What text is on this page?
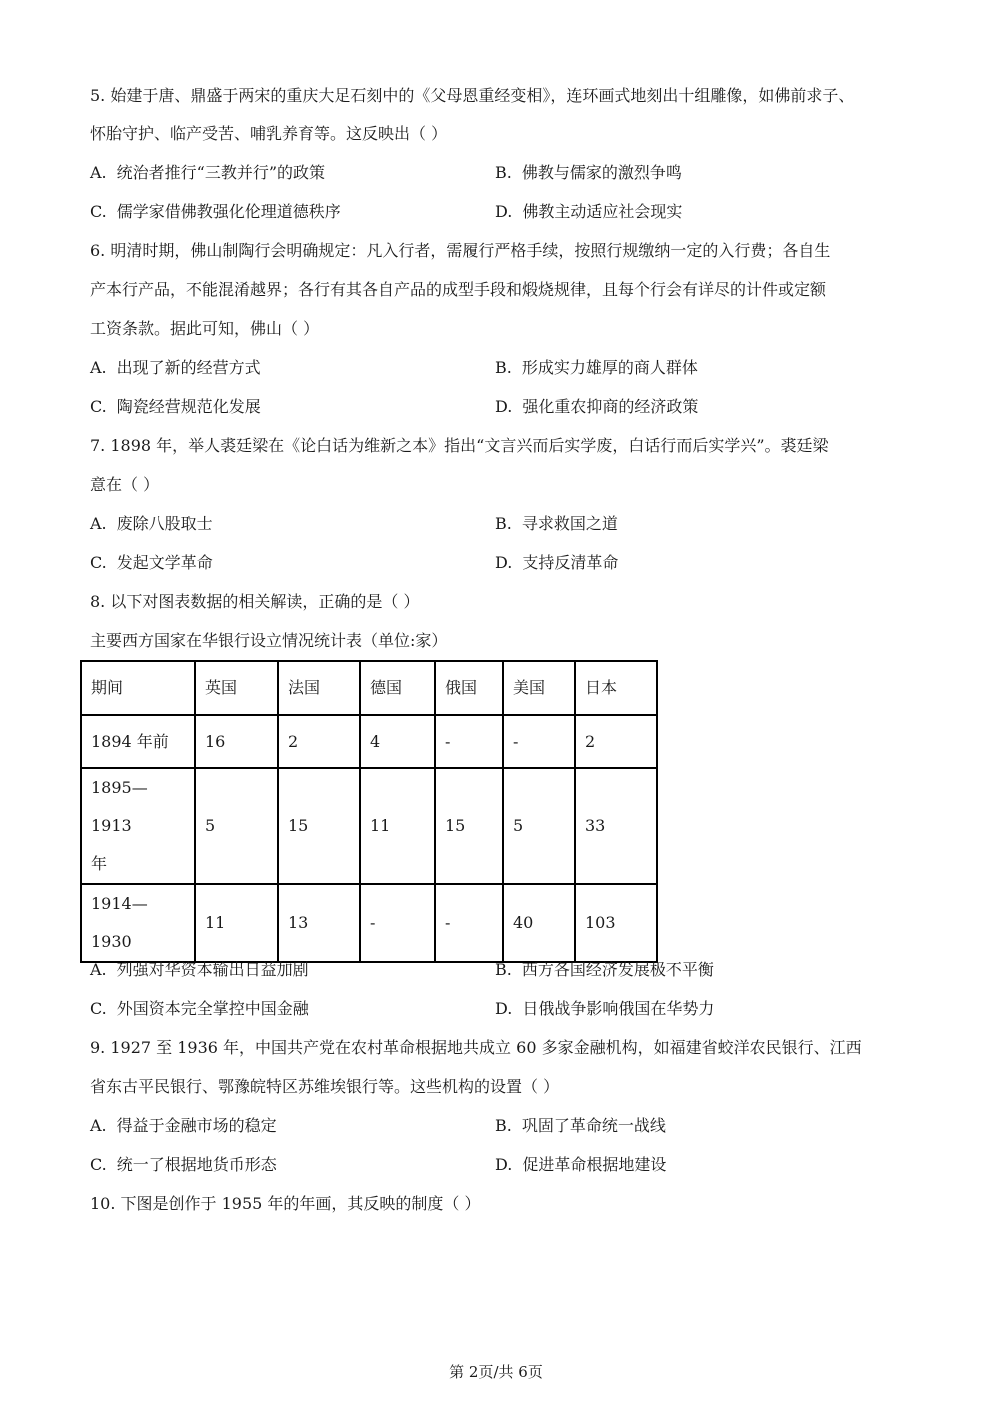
5. 始建于唐、鼎盛于两宋的重庆大足石刻中的《父母恩重经变相》，连环画式地刻出十组雕像，如佛前求子、
怀胎守护、临产受苦、哺乳养育等。这反映出（ ）
A. 统治者推行“三教并行”的政策	B. 佛教与儒家的激烈争鸣
C. 儒学家借佛教强化伦理道德秩序	D. 佛教主动适应社会现实
6. 明清时期，佛山制陶行会明确规定：凡入行者，需履行严格手续，按照行规缴纳一定的入行费；各自生
产本行产品，不能混淆越界；各行有其各自产品的成型手段和煅烧规律，且每个行会有详尽的计件或定额
工资条款。据此可知，佛山（ ）
A. 出现了新的经营方式	B. 形成实力雄厚的商人群体
C. 陶瓷经营规范化发展	D. 强化重农抑商的经济政策
7. 1898 年，举人裘廷梁在《论白话为维新之本》指出“文言兴而后实学废，白话行而后实学兴”。裘廷梁
意在（ ）
A. 废除八股取士	B. 寻求救国之道
C. 发起文学革命	D. 支持反清革命
8. 以下对图表数据的相关解读，正确的是（ ）
主要西方国家在华银行设立情况统计表（单位:家）
期间	英国	法国	德国	俄国	美国	日本
1894 年前	16	2	4	-	-	2
1895—1913
年	5	15	11	15	5	33
1914—1930	11	13	-	-	40	103
A. 列强对华资本输出日益加剧	B. 西方各国经济发展极不平衡
C. 外国资本完全掌控中国金融	D. 日俄战争影响俄国在华势力
9. 1927 至 1936 年，中国共产党在农村革命根据地共成立 60 多家金融机构，如福建省蛟洋农民银行、江西
省东古平民银行、鄂豫皖特区苏维埃银行等。这些机构的设置（ ）
A. 得益于金融市场的稳定	B. 巩固了革命统一战线
C. 统一了根据地货币形态	D. 促进革命根据地建设
10. 下图是创作于 1955 年的年画，其反映的制度（ ）
第 2页/共 6页
